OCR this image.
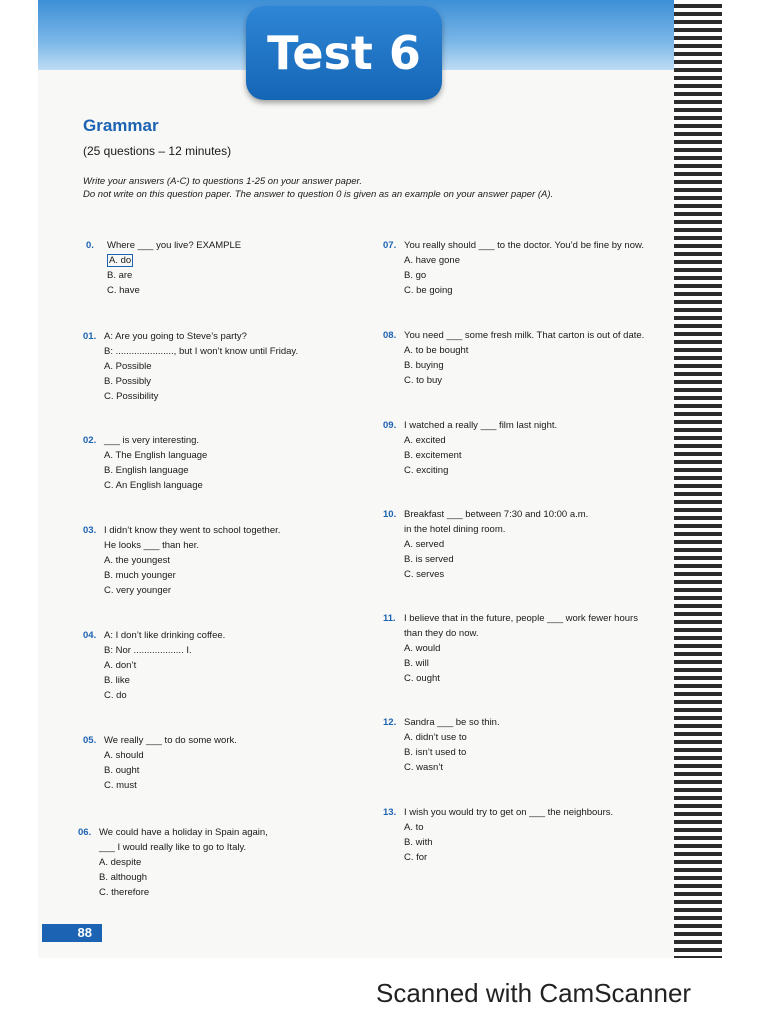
Test 6
Grammar
(25 questions – 12 minutes)
Write your answers (A-C) to questions 1-25 on your answer paper.
Do not write on this question paper. The answer to question 0 is given as an example on your answer paper (A).
0. Where ___ you live? EXAMPLE
A. do
B. are
C. have
01. A: Are you going to Steve’s party?
B: ......................, but I won’t know until Friday.
A. Possible
B. Possibly
C. Possibility
02. ___ is very interesting.
A. The English language
B. English language
C. An English language
03. I didn’t know they went to school together.
He looks ___ than her.
A. the youngest
B. much younger
C. very younger
04. A: I don’t like drinking coffee.
B: Nor ................... I.
A. don’t
B. like
C. do
05. We really ___ to do some work.
A. should
B. ought
C. must
06. We could have a holiday in Spain again,
___ I would really like to go to Italy.
A. despite
B. although
C. therefore
07. You really should ___ to the doctor. You’d be fine by now.
A. have gone
B. go
C. be going
08. You need ___ some fresh milk. That carton is out of date.
A. to be bought
B. buying
C. to buy
09. I watched a really ___ film last night.
A. excited
B. excitement
C. exciting
10. Breakfast ___ between 7:30 and 10:00 a.m.
in the hotel dining room.
A. served
B. is served
C. serves
11. I believe that in the future, people ___ work fewer hours
than they do now.
A. would
B. will
C. ought
12. Sandra ___ be so thin.
A. didn’t use to
B. isn’t used to
C. wasn’t
13. I wish you would try to get on ___ the neighbours.
A. to
B. with
C. for
88
Scanned with CamScanner
